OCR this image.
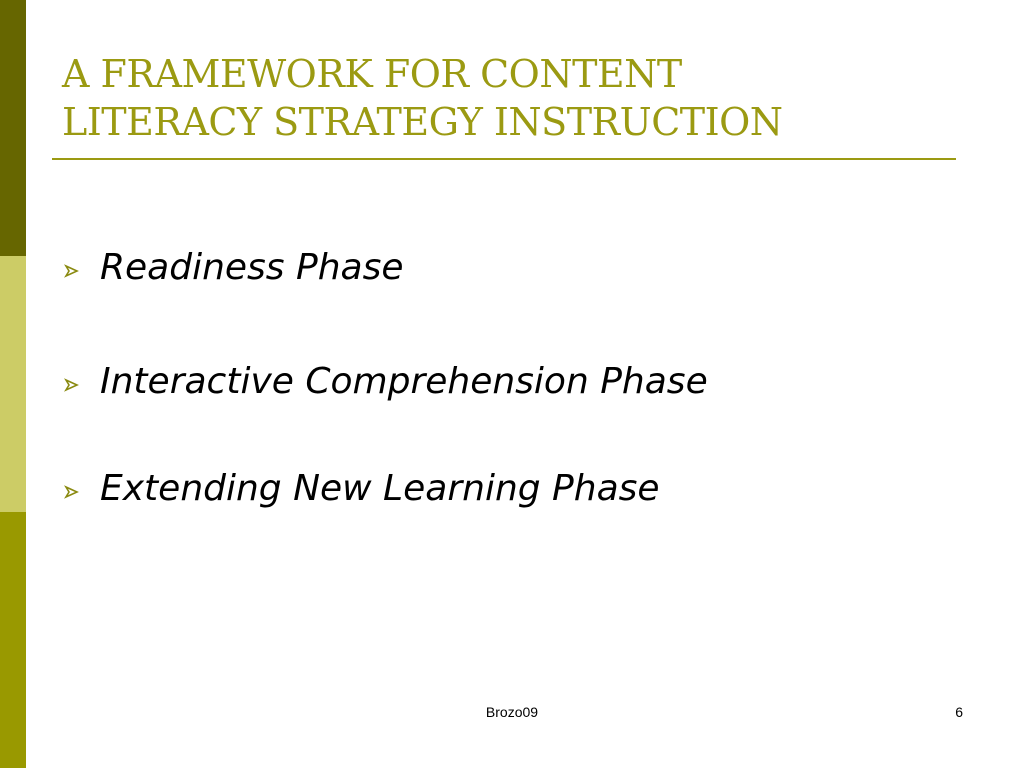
A FRAMEWORK FOR CONTENT
LITERACY STRATEGY INSTRUCTION
Readiness Phase
Interactive Comprehension Phase
Extending New Learning Phase
Brozo09	6
